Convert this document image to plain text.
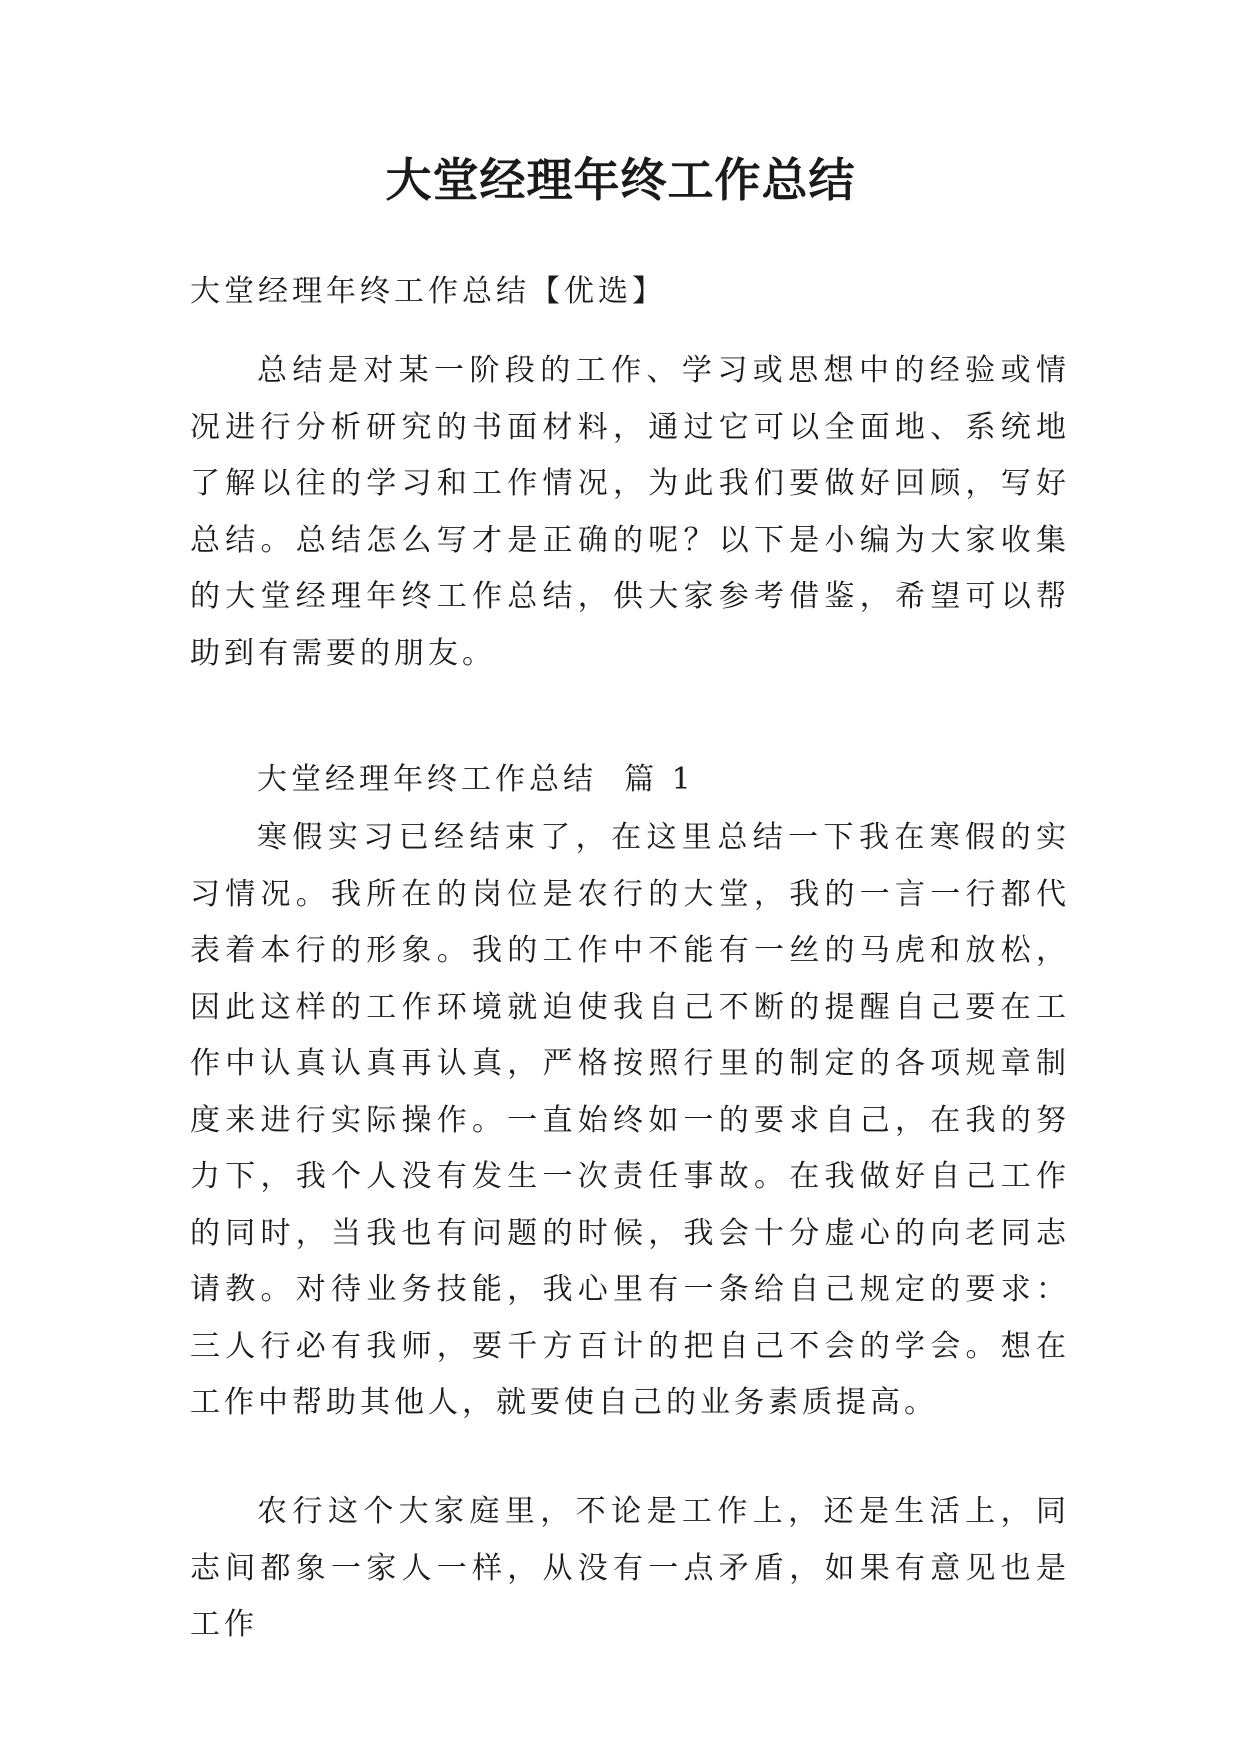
大堂经理年终工作总结

大堂经理年终工作总结【优选】

总结是对某一阶段的工作、学习或思想中的经验或情况进行分析研究的书面材料，通过它可以全面地、系统地了解以往的学习和工作情况，为此我们要做好回顾，写好总结。总结怎么写才是正确的呢？以下是小编为大家收集的大堂经理年终工作总结，供大家参考借鉴，希望可以帮助到有需要的朋友。

大堂经理年终工作总结  篇 1

寒假实习已经结束了，在这里总结一下我在寒假的实习情况。我所在的岗位是农行的大堂，我的一言一行都代表着本行的形象。我的工作中不能有一丝的马虎和放松，因此这样的工作环境就迫使我自己不断的提醒自己要在工作中认真认真再认真，严格按照行里的制定的各项规章制度来进行实际操作。一直始终如一的要求自己，在我的努力下，我个人没有发生一次责任事故。在我做好自己工作的同时，当我也有问题的时候，我会十分虚心的向老同志请教。对待业务技能，我心里有一条给自己规定的要求：三人行必有我师，要千方百计的把自己不会的学会。想在工作中帮助其他人，就要使自己的业务素质提高。

农行这个大家庭里，不论是工作上，还是生活上，同志间都象一家人一样，从没有一点矛盾，如果有意见也是工作
